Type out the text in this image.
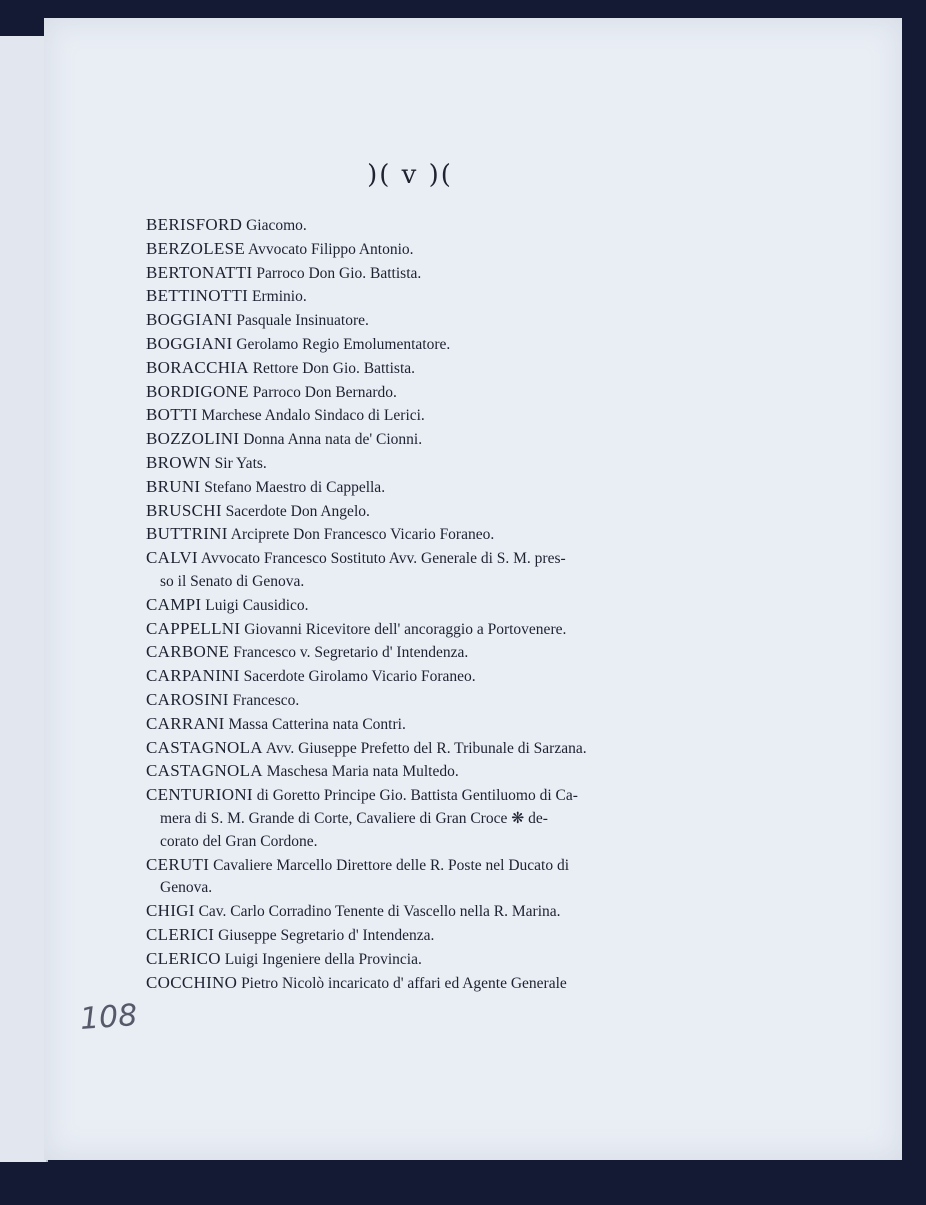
)( v )(
BERISFORD Giacomo.
BERZOLESE Avvocato Filippo Antonio.
BERTONATTI Parroco Don Gio. Battista.
BETTINOTTI Erminio.
BOGGIANI Pasquale Insinuatore.
BOGGIANI Gerolamo Regio Emolumentatore.
BORACCHIA Rettore Don Gio. Battista.
BORDIGONE Parroco Don Bernardo.
BOTTI Marchese Andalo Sindaco di Lerici.
BOZZOLINI Donna Anna nata de' Cionni.
BROWN Sir Yats.
BRUNI Stefano Maestro di Cappella.
BRUSCHI Sacerdote Don Angelo.
BUTTRINI Arciprete Don Francesco Vicario Foraneo.
CALVI Avvocato Francesco Sostituto Avv. Generale di S. M. pres-
so il Senato di Genova.
CAMPI Luigi Causidico.
CAPPELLNI Giovanni Ricevitore dell' ancoraggio a Portovenere.
CARBONE Francesco v. Segretario d' Intendenza.
CARPANINI Sacerdote Girolamo Vicario Foraneo.
CAROSINI Francesco.
CARRANI Massa Catterina nata Contri.
CASTAGNOLA Avv. Giuseppe Prefetto del R. Tribunale di Sarzana.
CASTAGNOLA Maschesa Maria nata Multedo.
CENTURIONI di Goretto Principe Gio. Battista Gentiluomo di Ca-
mera di S. M. Grande di Corte, Cavaliere di Gran Croce ❋ de-
corato del Gran Cordone.
CERUTI Cavaliere Marcello Direttore delle R. Poste nel Ducato di
Genova.
CHIGI Cav. Carlo Corradino Tenente di Vascello nella R. Marina.
CLERICI Giuseppe Segretario d' Intendenza.
CLERICO Luigi Ingeniere della Provincia.
COCCHINO Pietro Nicolò incaricato d' affari ed Agente Generale
108
